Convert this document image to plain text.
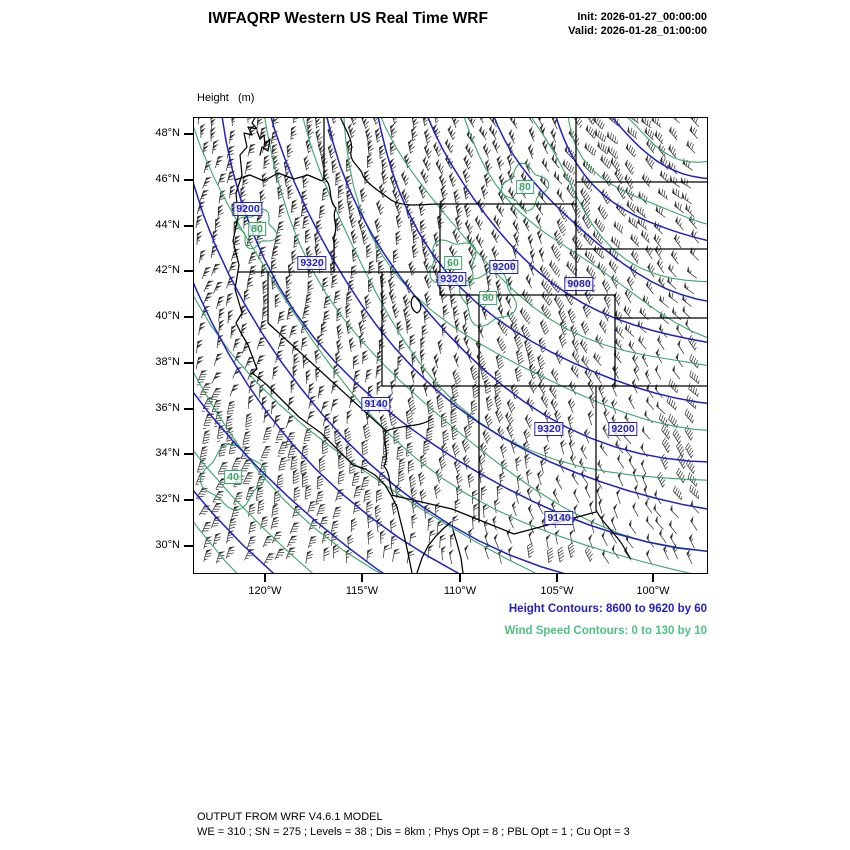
IWFAQRP Western US Real Time WRF	Init: 2026-01-27_00:00:00
Valid: 2026-01-28_01:00:00

Height   (m)

48°N
46°N
44°N
42°N
40°N
38°N
36°N
34°N
32°N
30°N
120°W	115°W	110°W	105°W	100°W
9200
9320
9320
9200
9080
9140
9320	9200
9140
80
80
60
80
40
Height Contours: 8600 to 9620 by 60
Wind Speed Contours: 0 to 130 by 10
OUTPUT FROM WRF V4.6.1 MODEL
WE = 310 ; SN = 275 ; Levels = 38 ; Dis = 8km ; Phys Opt = 8 ; PBL Opt = 1 ; Cu Opt = 3
